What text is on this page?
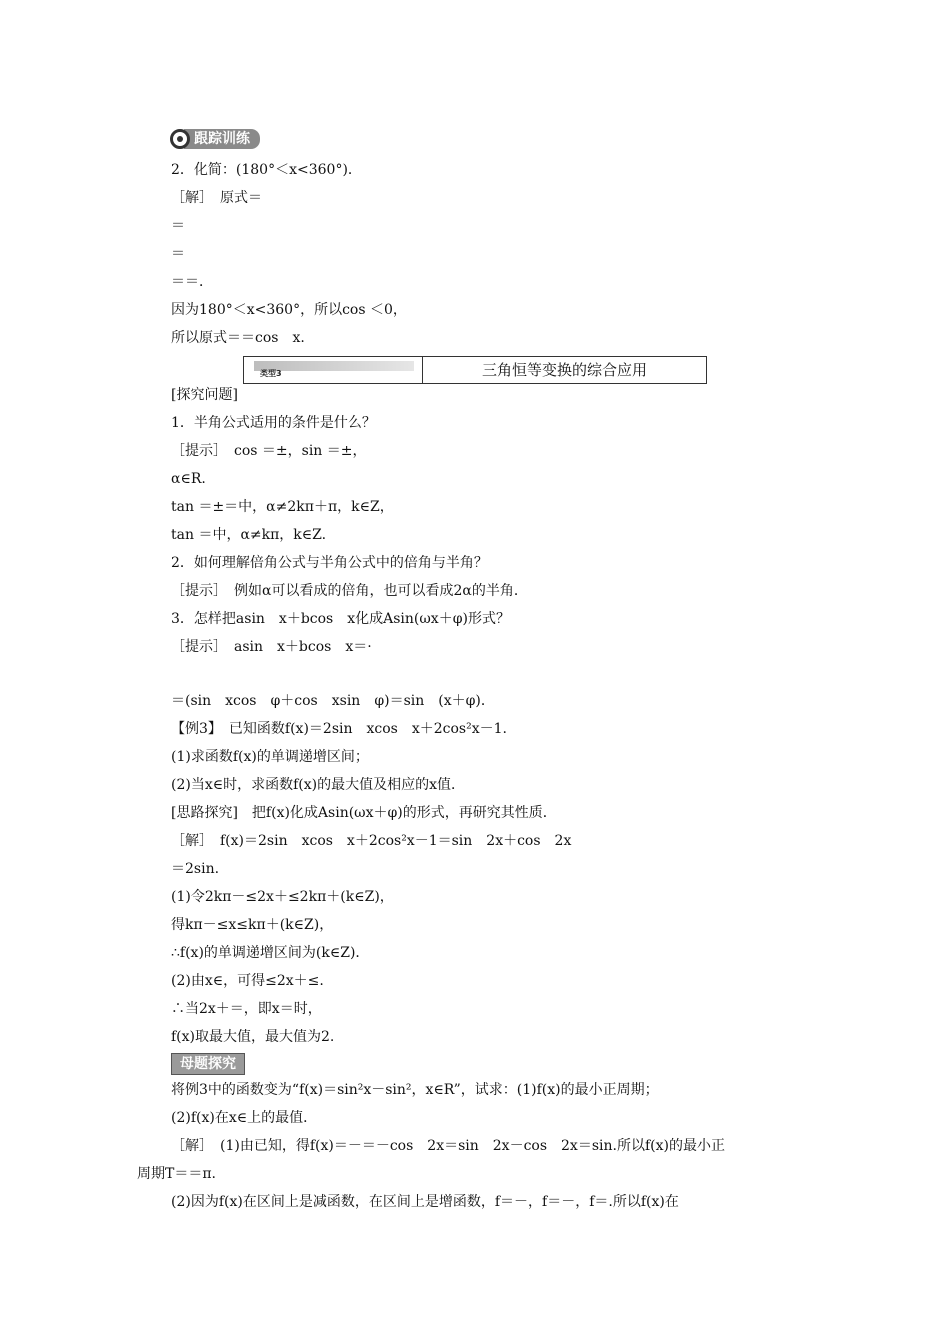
跟踪训练
2．化简：(180°＜x<360°)．
［解］　原式＝
＝
＝
＝＝．
因为180°＜x<360°，所以cos ＜0，
所以原式＝＝cos　x.
类型3	三角恒等变换的综合应用
[探究问题]
1．半角公式适用的条件是什么？
［提示］　cos ＝±，sin ＝±，
α∈R.
tan ＝±＝中，α≠2kπ＋π，k∈Z，
tan ＝中，α≠kπ，k∈Z.
2．如何理解倍角公式与半角公式中的倍角与半角？
［提示］　例如α可以看成的倍角，也可以看成2α的半角．
3．怎样把asin　x＋bcos　x化成Asin(ωx＋φ)形式？
［提示］　asin　x＋bcos　x＝·
＝(sin　xcos　φ＋cos　xsin　φ)＝sin　(x＋φ)．
【例3】　已知函数f(x)＝2sin　xcos　x＋2cos²x－1.
(1)求函数f(x)的单调递增区间；
(2)当x∈时，求函数f(x)的最大值及相应的x值．
[思路探究]　把f(x)化成Asin(ωx＋φ)的形式，再研究其性质．
［解］　f(x)＝2sin　xcos　x＋2cos²x－1＝sin　2x＋cos　2x
＝2sin.
(1)令2kπ－≤2x＋≤2kπ＋(k∈Z)，
得kπ－≤x≤kπ＋(k∈Z)，
∴f(x)的单调递增区间为(k∈Z)．
(2)由x∈，可得≤2x＋≤.
∴当2x＋＝，即x＝时，
f(x)取最大值，最大值为2.
母题探究
将例3中的函数变为“f(x)＝sin²x－sin²，x∈R”，试求：(1)f(x)的最小正周期；
(2)f(x)在x∈上的最值．
［解］　(1)由已知，得f(x)＝－＝－cos　2x＝sin　2x－cos　2x＝sin.所以f(x)的最小正
周期T＝＝π.
(2)因为f(x)在区间上是减函数，在区间上是增函数，f＝－，f＝－，f＝.所以f(x)在
